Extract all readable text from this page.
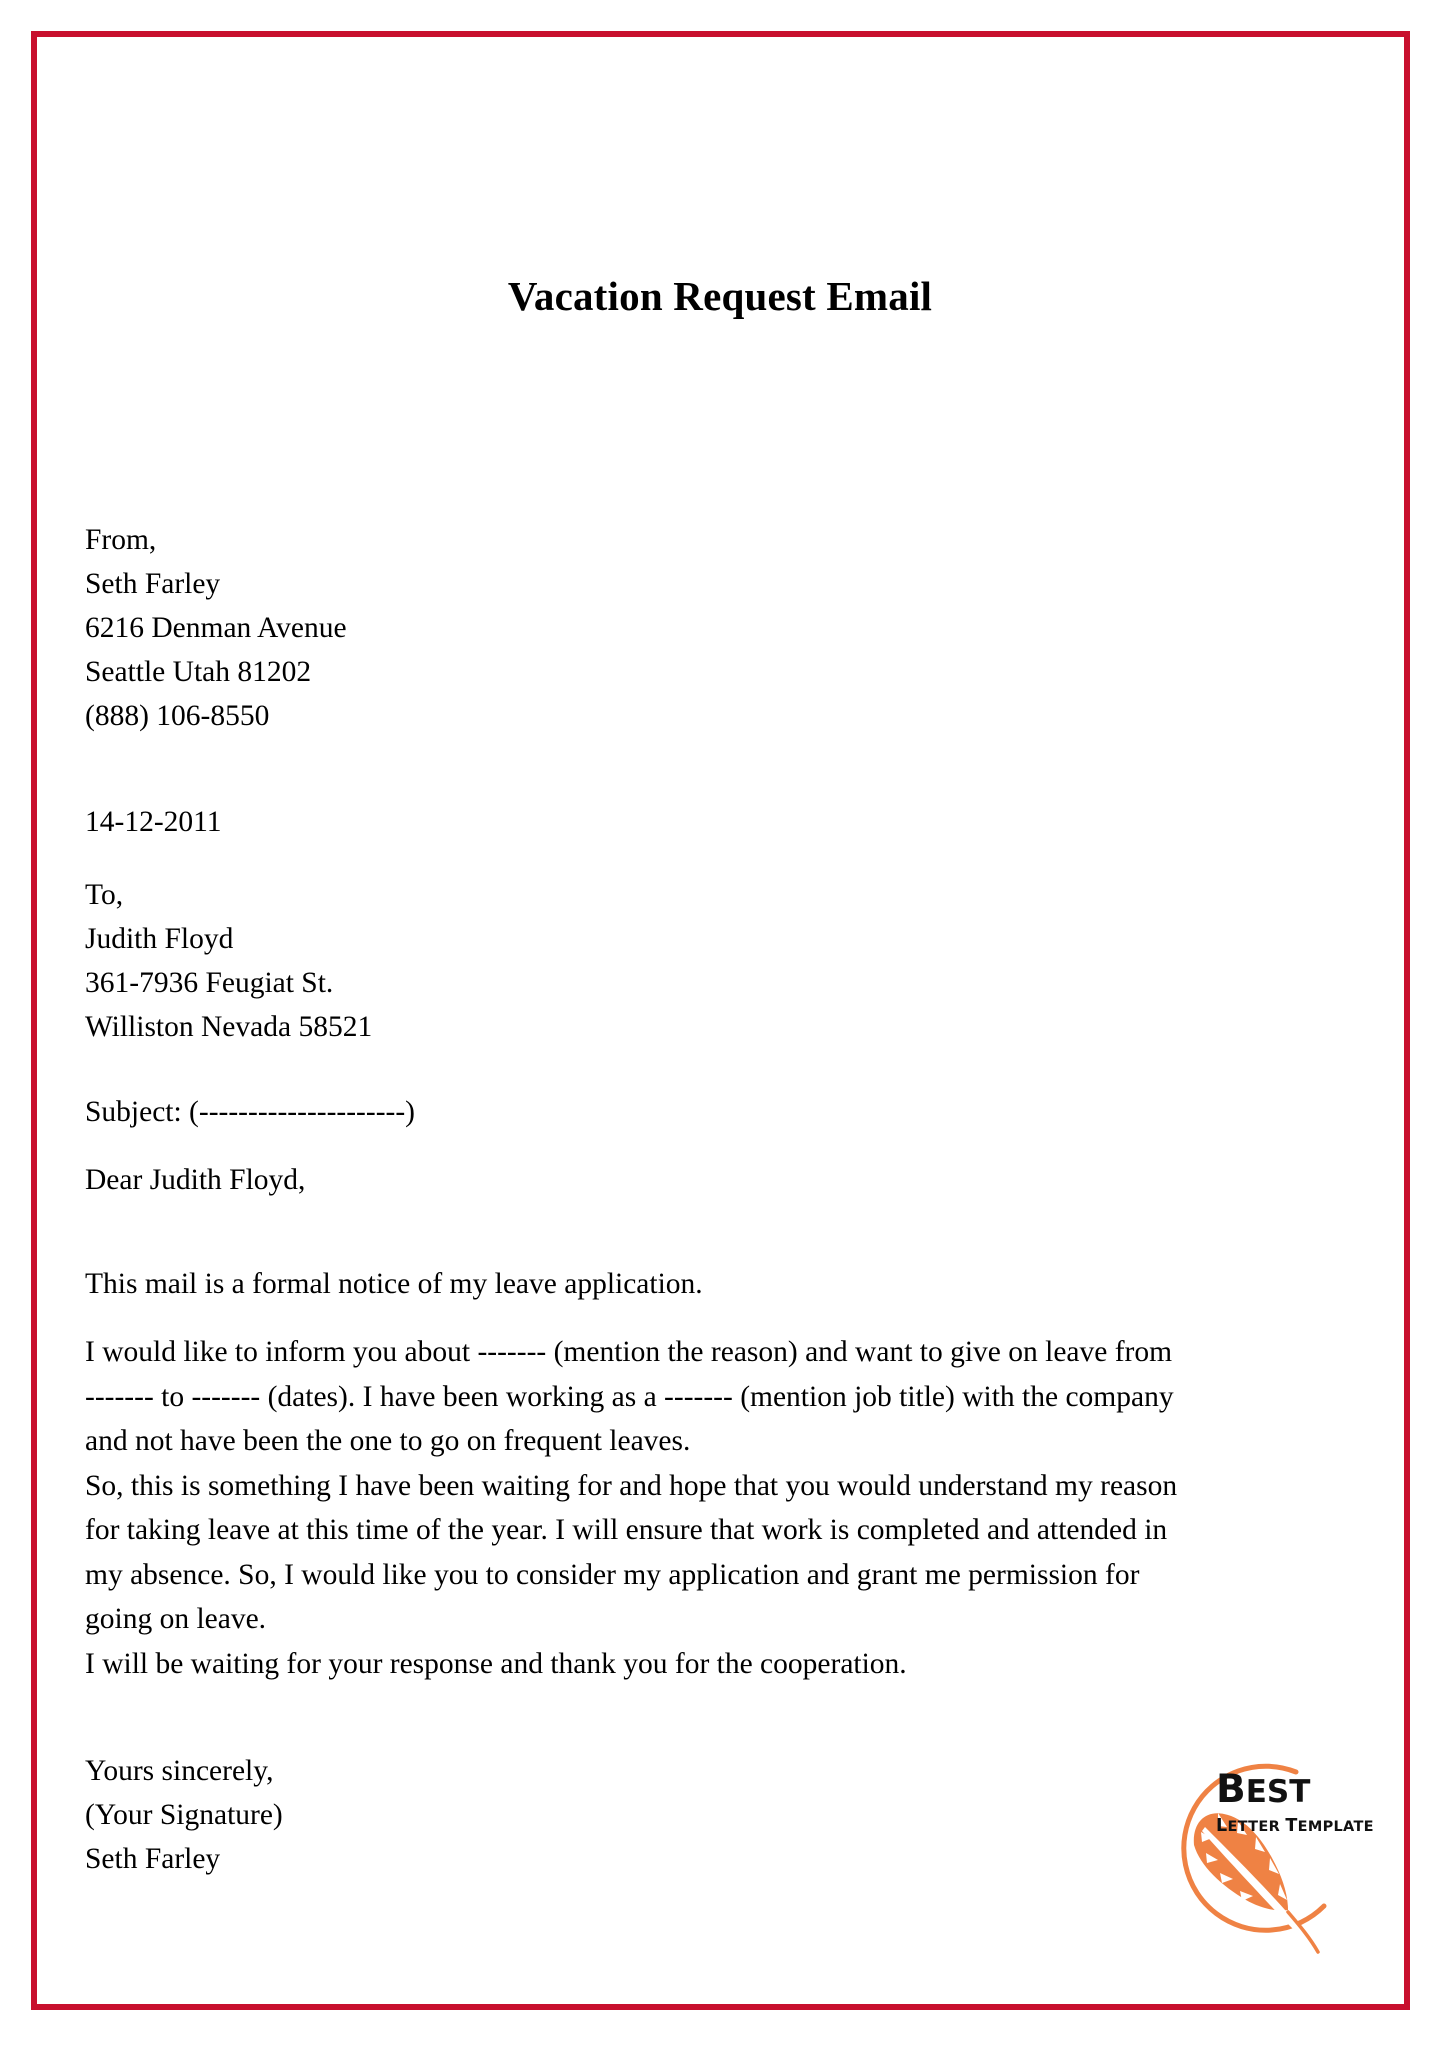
Vacation Request Email
From,
Seth Farley
6216 Denman Avenue
Seattle Utah 81202
(888) 106-8550
14-12-2011
To,
Judith Floyd
361-7936 Feugiat St.
Williston Nevada 58521
Subject: (---------------------)
Dear Judith Floyd,
This mail is a formal notice of my leave application.
I would like to inform you about ------- (mention the reason) and want to give on leave from
------- to ------- (dates). I have been working as a ------- (mention job title) with the company
and not have been the one to go on frequent leaves.
So, this is something I have been waiting for and hope that you would understand my reason
for taking leave at this time of the year. I will ensure that work is completed and attended in
my absence. So, I would like you to consider my application and grant me permission for
going on leave.
I will be waiting for your response and thank you for the cooperation.
Yours sincerely,
(Your Signature)
Seth Farley
BEST
LETTER TEMPLATE
